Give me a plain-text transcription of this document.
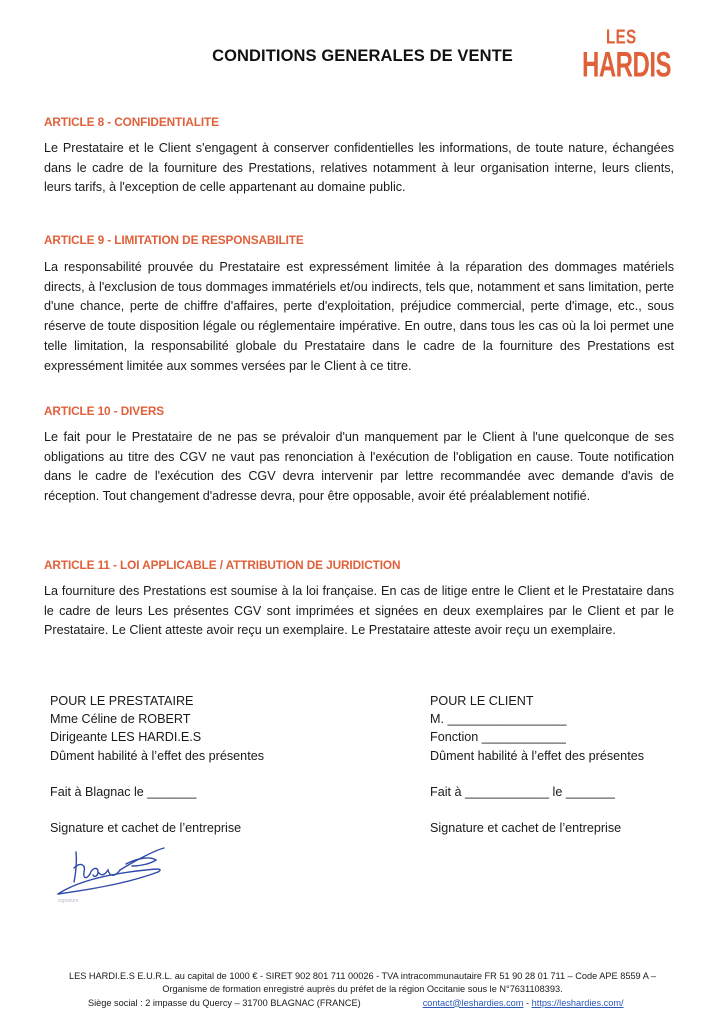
CONDITIONS GENERALES DE VENTE
LES
HARDIS
ARTICLE 8 - CONFIDENTIALITE
Le Prestataire et le Client s'engagent à conserver confidentielles les informations, de toute nature, échangées dans le cadre de la fourniture des Prestations, relatives notamment à leur organisation interne, leurs clients, leurs tarifs, à l'exception de celle appartenant au domaine public.
ARTICLE 9 - LIMITATION DE RESPONSABILITE
La responsabilité prouvée du Prestataire est expressément limitée à la réparation des dommages matériels directs, à l'exclusion de tous dommages immatériels et/ou indirects, tels que, notamment et sans limitation, perte d'une chance, perte de chiffre d'affaires, perte d'exploitation, préjudice commercial, perte d'image, etc., sous réserve de toute disposition légale ou réglementaire impérative. En outre, dans tous les cas où la loi permet une telle limitation, la responsabilité globale du Prestataire dans le cadre de la fourniture des Prestations est expressément limitée aux sommes versées par le Client à ce titre.
ARTICLE 10 - DIVERS
Le fait pour le Prestataire de ne pas se prévaloir d'un manquement par le Client à l'une quelconque de ses obligations au titre des CGV ne vaut pas renonciation à l'exécution de l'obligation en cause. Toute notification dans le cadre de l'exécution des CGV devra intervenir par lettre recommandée avec demande d'avis de réception. Tout changement d'adresse devra, pour être opposable, avoir été préalablement notifié.
ARTICLE 11 - LOI APPLICABLE / ATTRIBUTION DE JURIDICTION
La fourniture des Prestations est soumise à la loi française. En cas de litige entre le Client et le Prestataire dans le cadre de leurs Les présentes CGV sont imprimées et signées en deux exemplaires par le Client et par le Prestataire. Le Client atteste avoir reçu un exemplaire. Le Prestataire atteste avoir reçu un exemplaire.
POUR LE PRESTATAIRE
Mme Céline de ROBERT
Dirigeante LES HARDI.E.S
Dûment habilité à l’effet des présentes
Fait à Blagnac le _______
Signature et cachet de l’entreprise
POUR LE CLIENT
M. _________________
Fonction ____________
Dûment habilité à l’effet des présentes
Fait à ____________ le _______
Signature et cachet de l’entreprise
signature
LES HARDI.E.S E.U.R.L. au capital de 1000 € - SIRET 902 801 711 00026 - TVA intracommunautaire FR 51 90 28 01 711 – Code APE 8559 A –
Organisme de formation enregistré auprès du préfet de la région Occitanie sous le N°7631108393.
Siège social : 2 impasse du Quercy – 31700 BLAGNAC (FRANCE)	contact@leshardies.com - https://leshardies.com/
